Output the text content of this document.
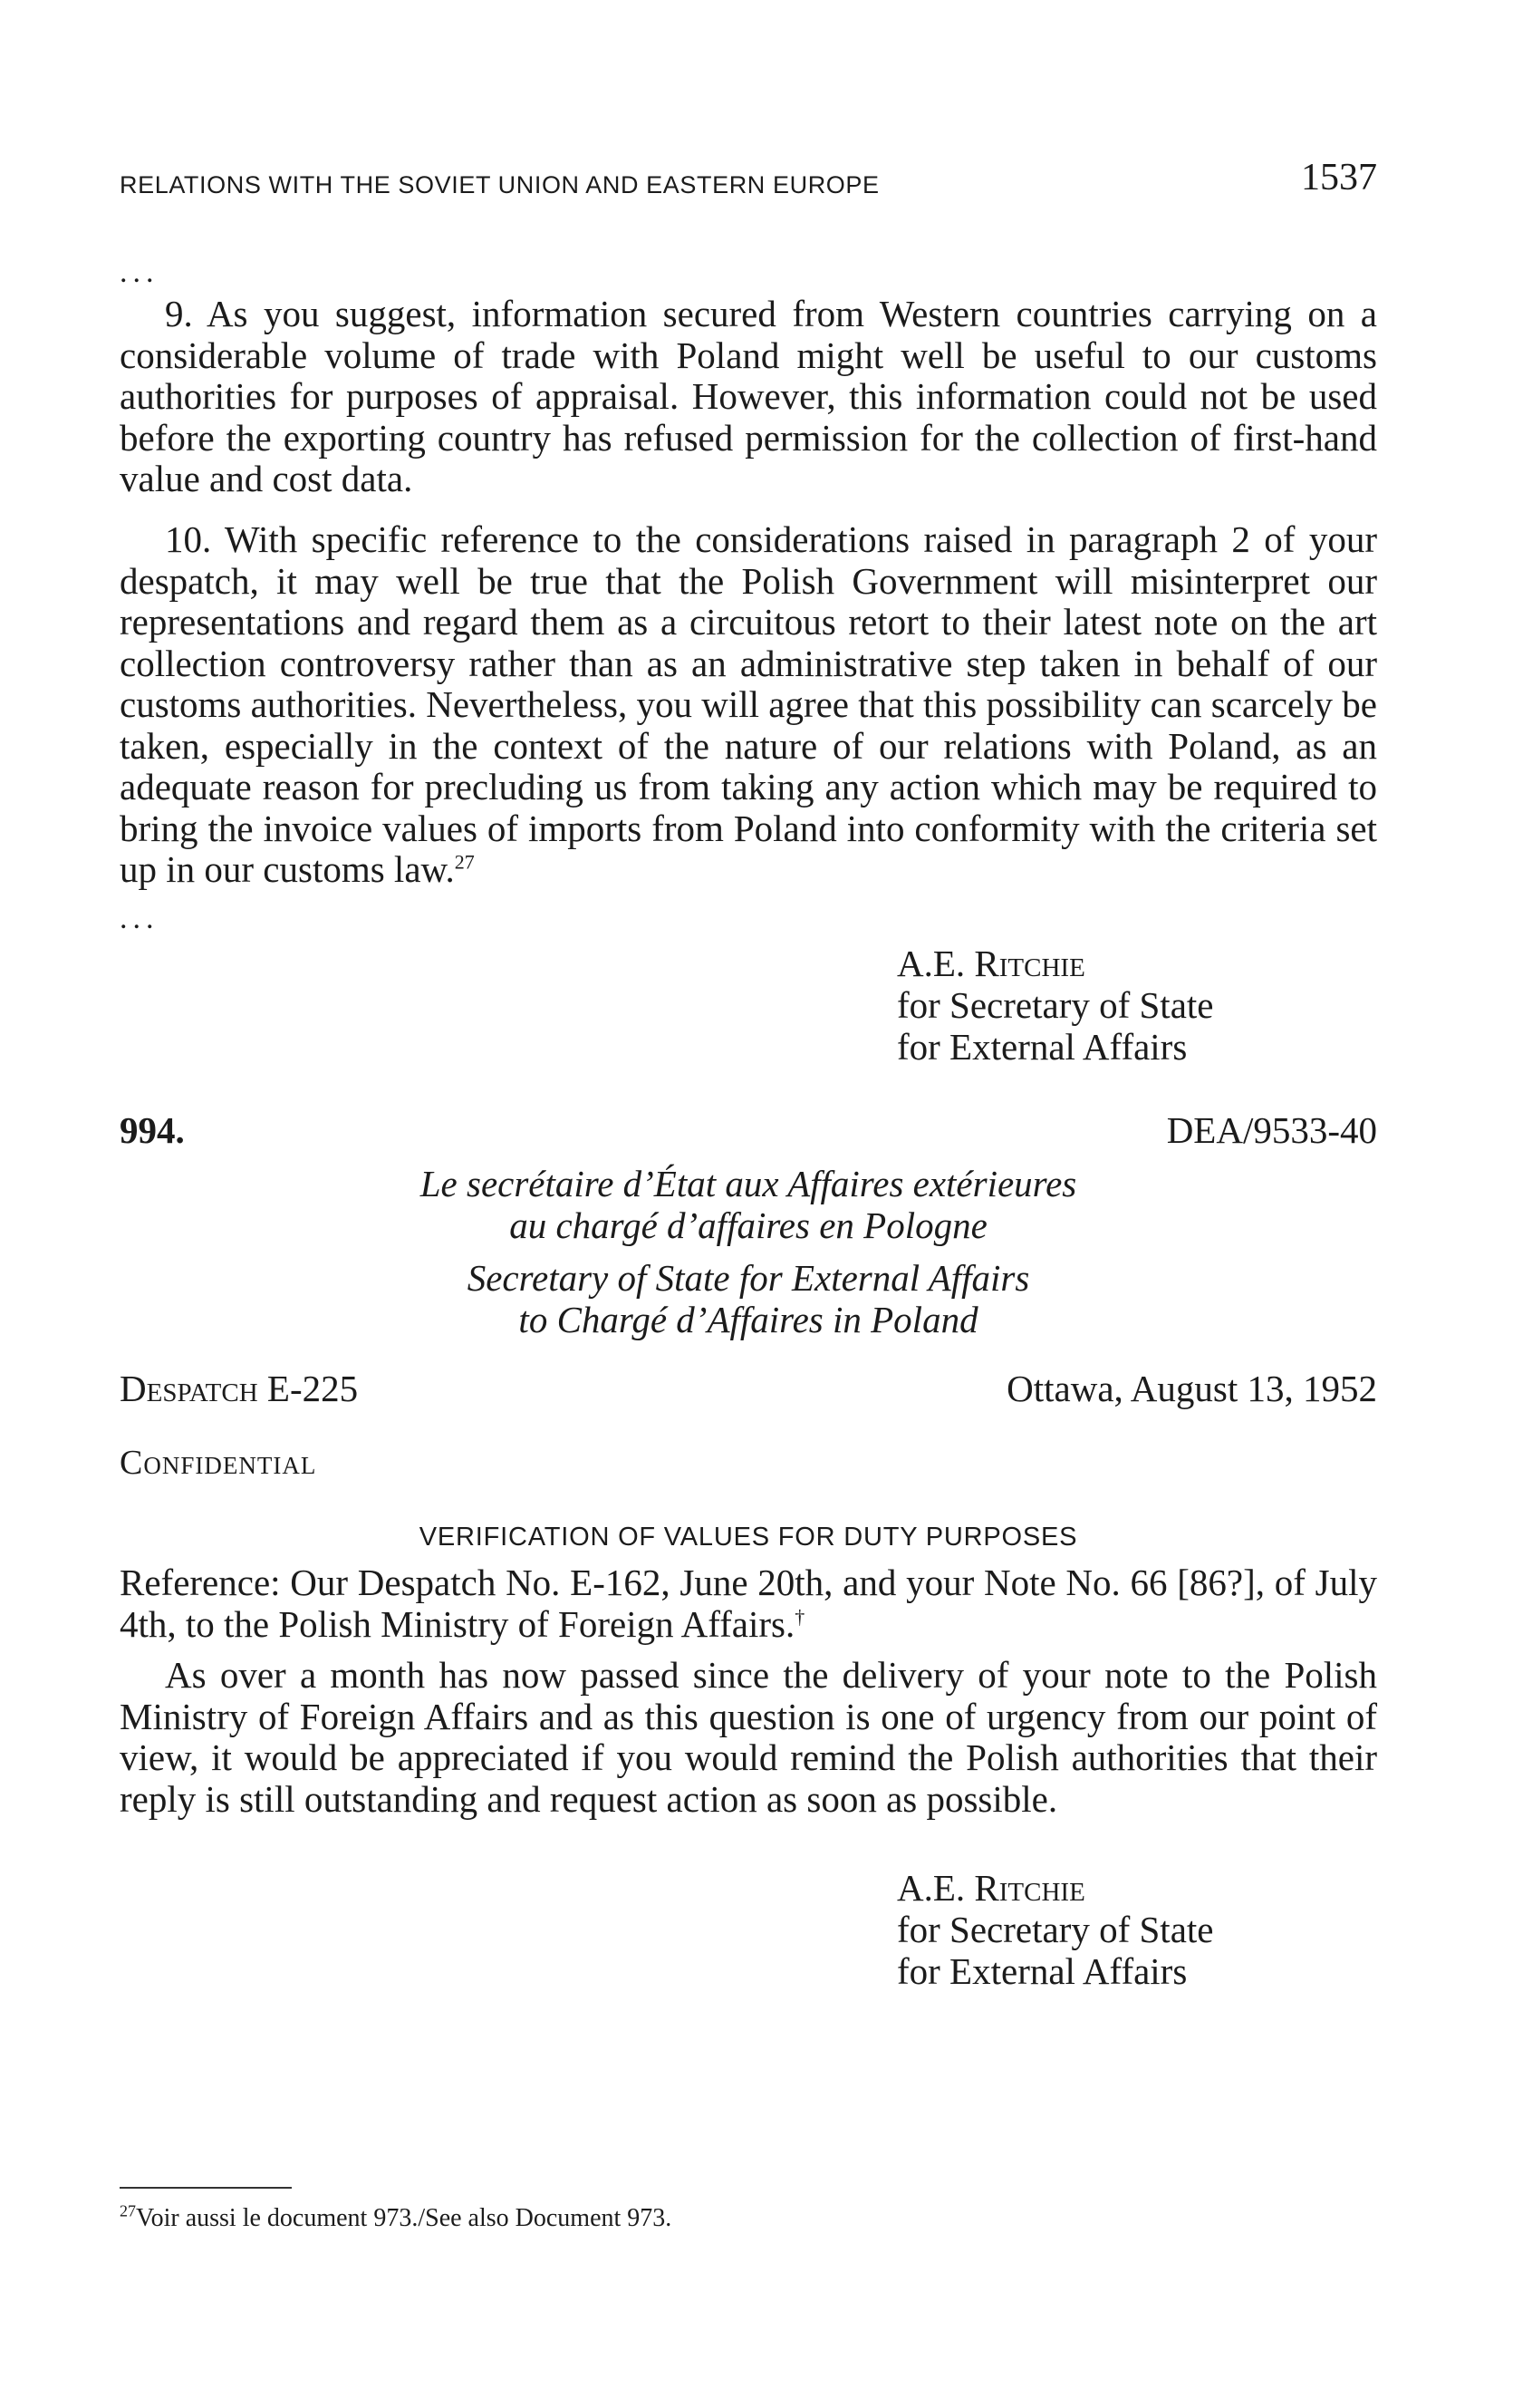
RELATIONS WITH THE SOVIET UNION AND EASTERN EUROPE	1537
...

9. As you suggest, information secured from Western countries carrying on a considerable volume of trade with Poland might well be useful to our customs authorities for purposes of appraisal. However, this information could not be used before the exporting country has refused permission for the collection of first-hand value and cost data.

10. With specific reference to the considerations raised in paragraph 2 of your despatch, it may well be true that the Polish Government will misinterpret our representations and regard them as a circuitous retort to their latest note on the art collection controversy rather than as an administrative step taken in behalf of our customs authorities. Nevertheless, you will agree that this possibility can scarcely be taken, especially in the context of the nature of our relations with Poland, as an adequate reason for precluding us from taking any action which may be required to bring the invoice values of imports from Poland into conformity with the criteria set up in our customs law.$^{27}$

...
A.E. Ritchie
for Secretary of State
for External Affairs
994.	DEA/9533-40
Le secrétaire d’État aux Affaires extérieures
au chargé d’affaires en Pologne
Secretary of State for External Affairs
to Chargé d’Affaires in Poland
Despatch E-225	Ottawa, August 13, 1952
Confidential
VERIFICATION OF VALUES FOR DUTY PURPOSES

Reference: Our Despatch No. E-162, June 20th, and your Note No. 66 [86?], of July 4th, to the Polish Ministry of Foreign Affairs.†

As over a month has now passed since the delivery of your note to the Polish Ministry of Foreign Affairs and as this question is one of urgency from our point of view, it would be appreciated if you would remind the Polish authorities that their reply is still outstanding and request action as soon as possible.

A.E. Ritchie
for Secretary of State
for External Affairs
$^{27}$Voir aussi le document 973./See also Document 973.
